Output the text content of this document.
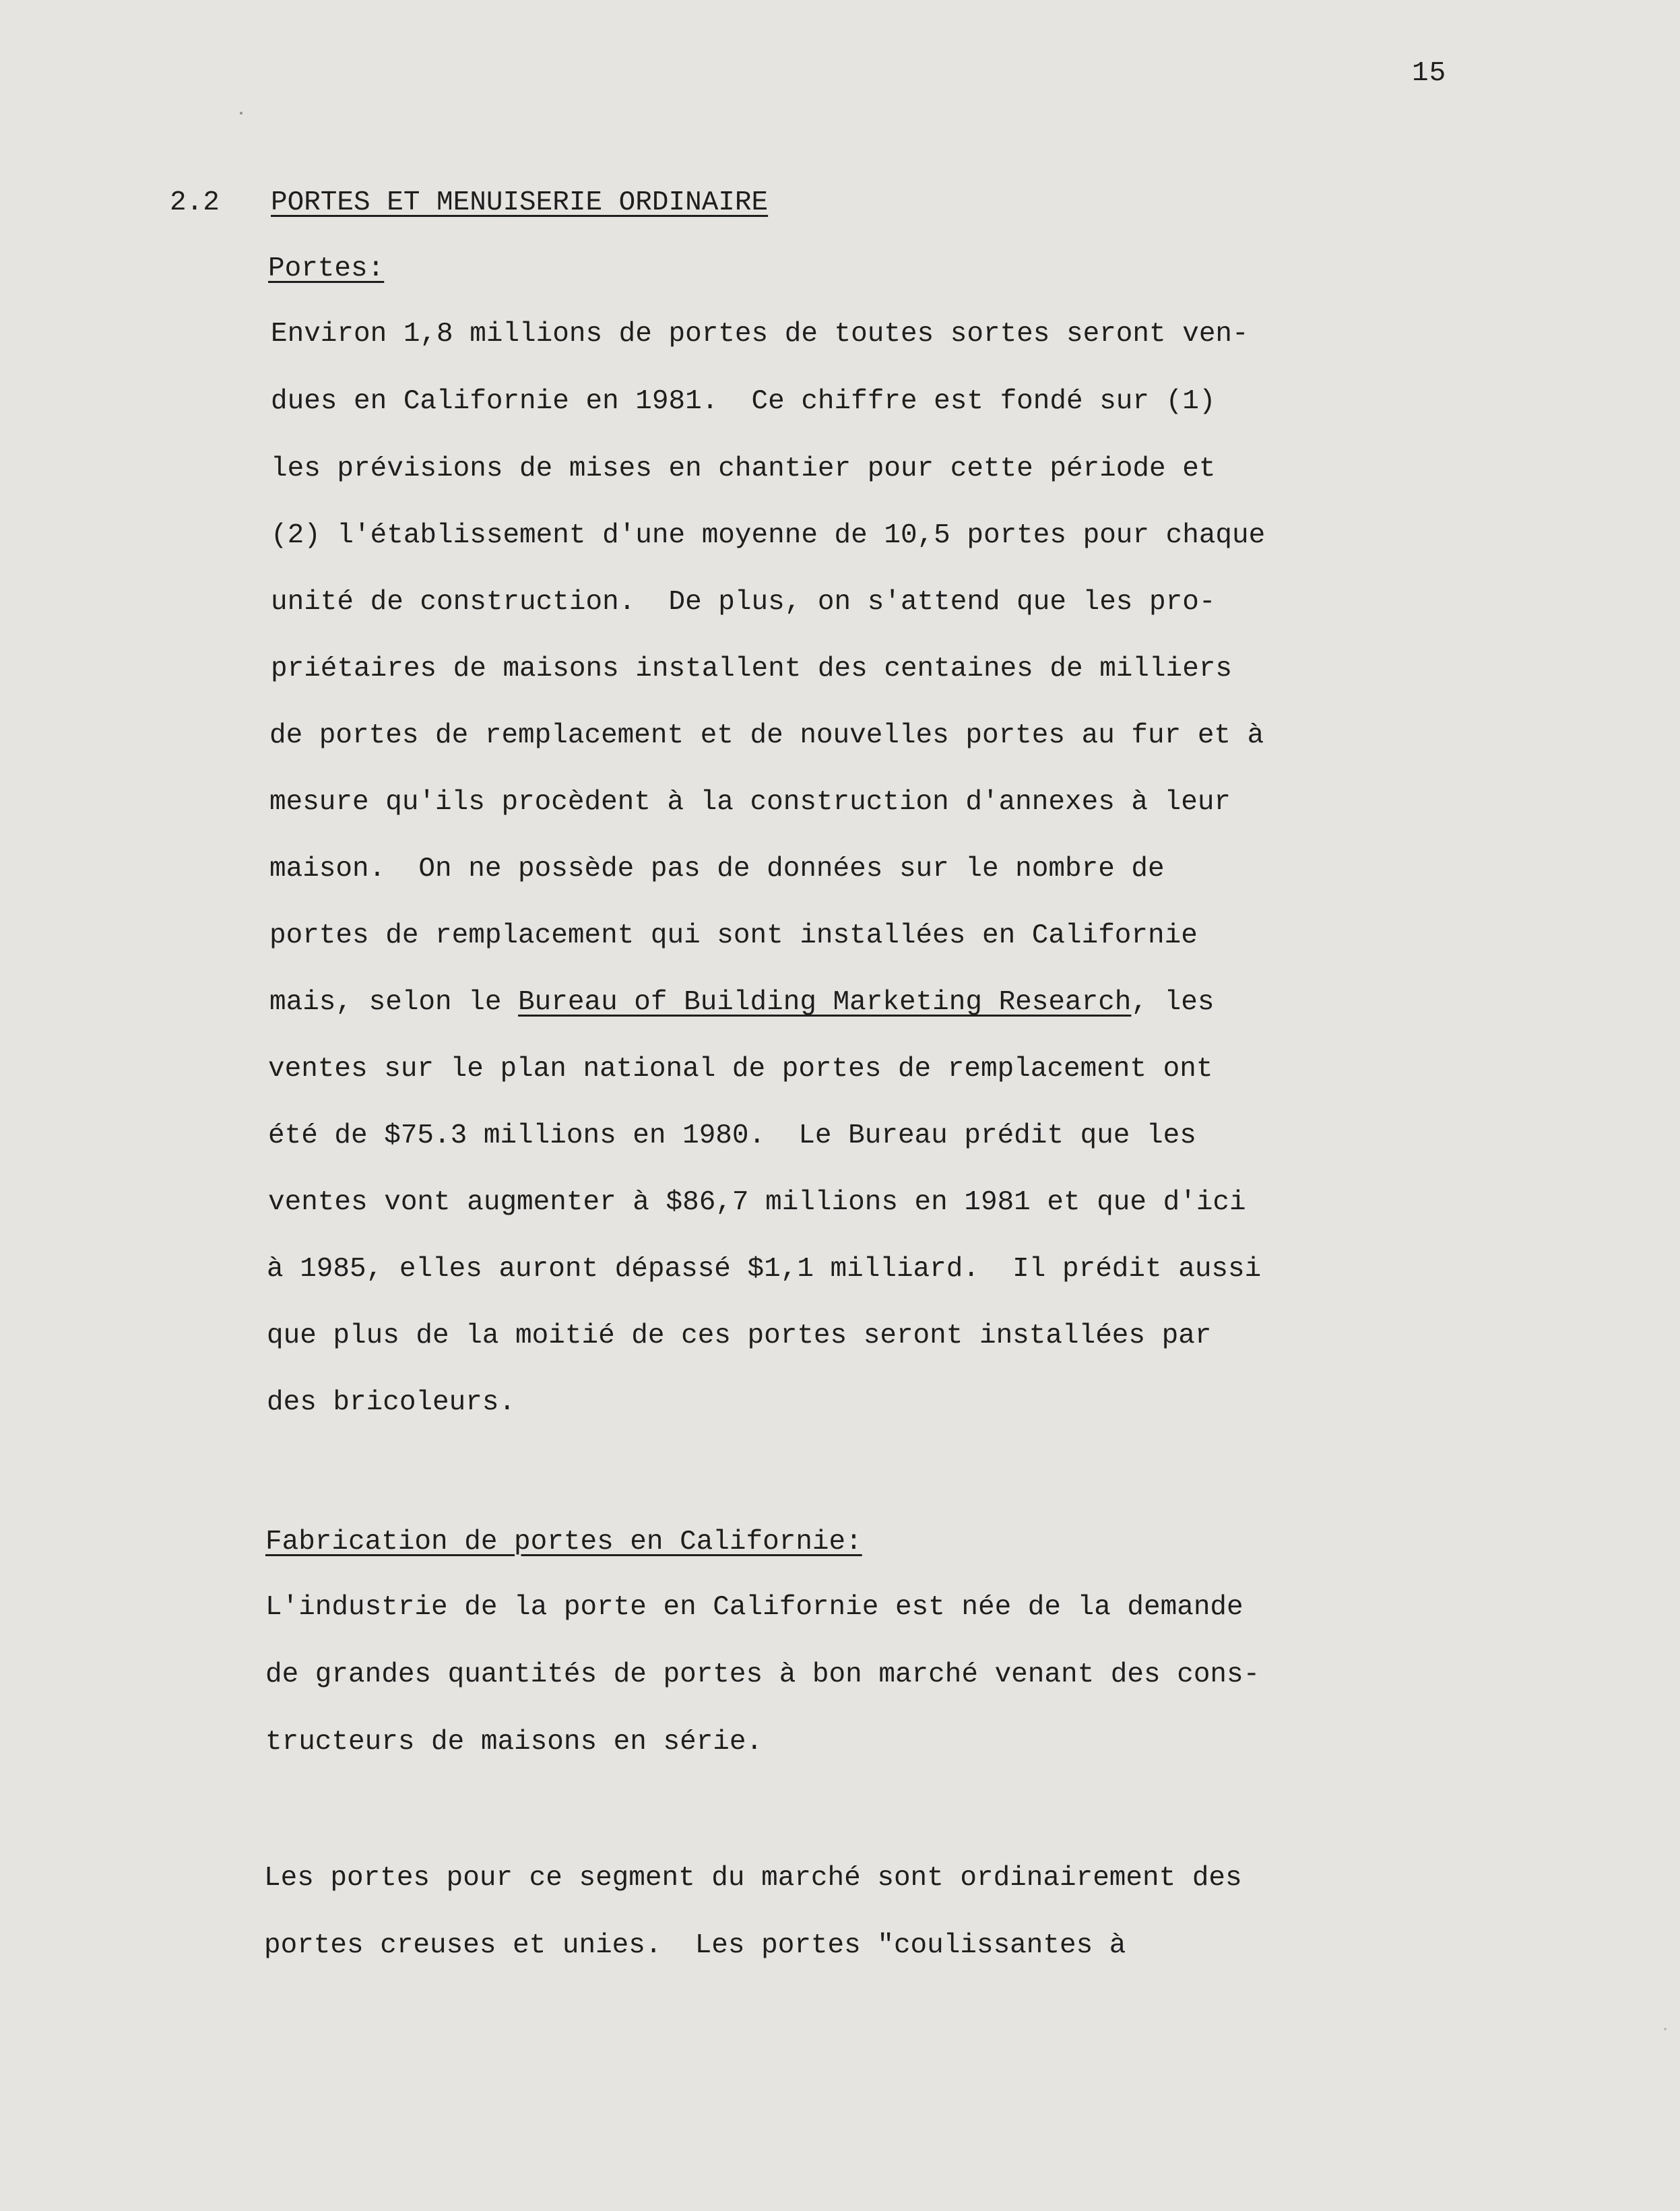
15
2.2 PORTES ET MENUISERIE ORDINAIRE
Portes:
Environ 1,8 millions de portes de toutes sortes seront ven-
dues en Californie en 1981.  Ce chiffre est fondé sur (1)
les prévisions de mises en chantier pour cette période et
(2) l'établissement d'une moyenne de 10,5 portes pour chaque
unité de construction.  De plus, on s'attend que les pro-
priétaires de maisons installent des centaines de milliers
de portes de remplacement et de nouvelles portes au fur et à
mesure qu'ils procèdent à la construction d'annexes à leur
maison.  On ne possède pas de données sur le nombre de
portes de remplacement qui sont installées en Californie
mais, selon le Bureau of Building Marketing Research, les
ventes sur le plan national de portes de remplacement ont
été de $75.3 millions en 1980.  Le Bureau prédit que les
ventes vont augmenter à $86,7 millions en 1981 et que d'ici
à 1985, elles auront dépassé $1,1 milliard.  Il prédit aussi
que plus de la moitié de ces portes seront installées par
des bricoleurs.
Fabrication de portes en Californie:
L'industrie de la porte en Californie est née de la demande
de grandes quantités de portes à bon marché venant des cons-
tructeurs de maisons en série.
Les portes pour ce segment du marché sont ordinairement des
portes creuses et unies.  Les portes "coulissantes à
